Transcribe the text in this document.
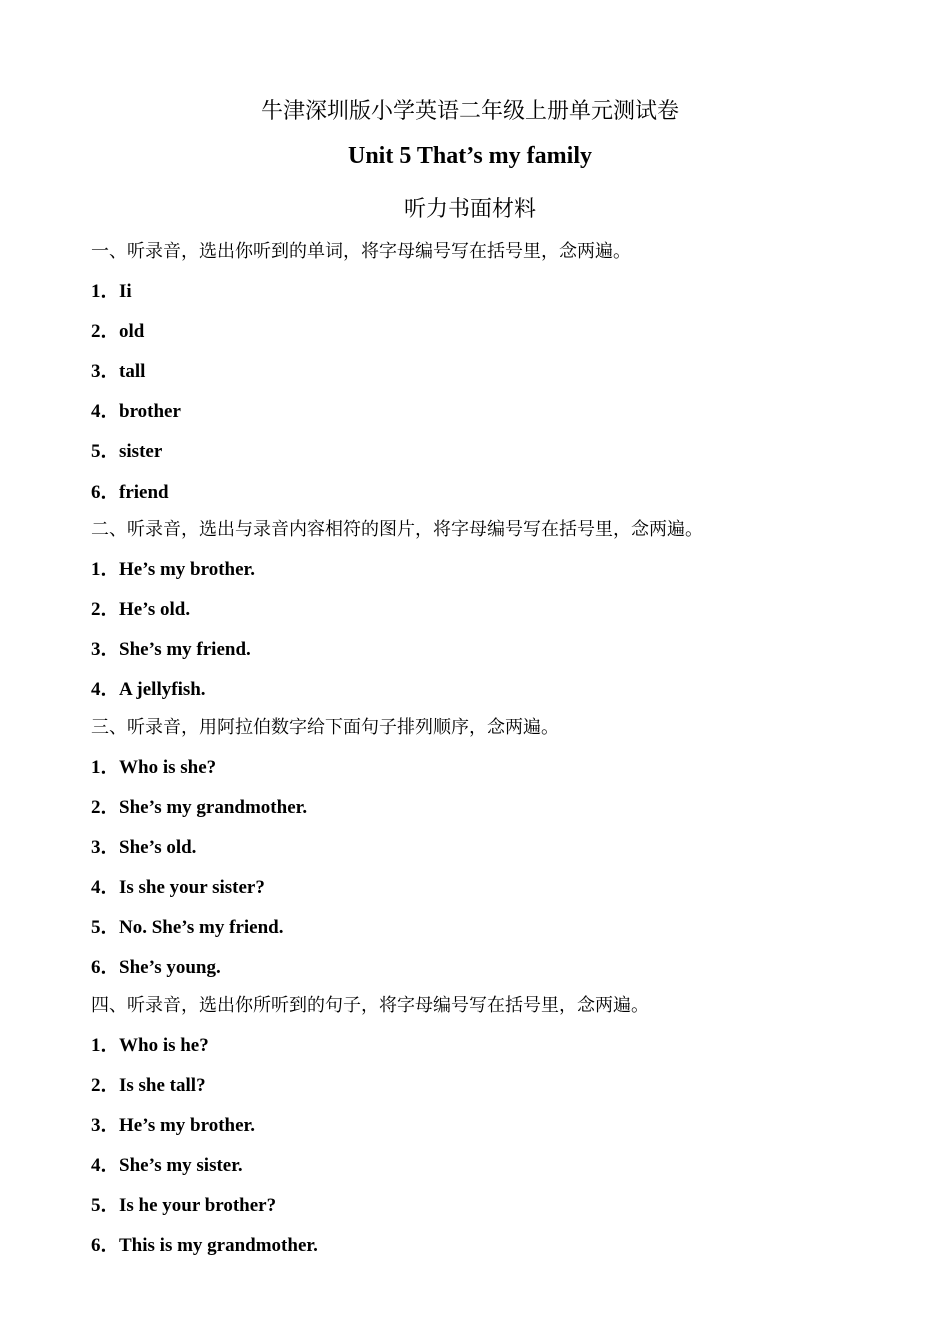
牛津深圳版小学英语二年级上册单元测试卷
Unit 5 That’s my family
听力书面材料
一、听录音，选出你听到的单词，将字母编号写在括号里，念两遍。
1．Ii
2．old
3．tall
4．brother
5．sister
6．friend
二、听录音，选出与录音内容相符的图片，将字母编号写在括号里，念两遍。
1．He’s my brother.
2．He’s old.
3．She’s my friend.
4．A jellyfish.
三、听录音，用阿拉伯数字给下面句子排列顺序，念两遍。
1．Who is she?
2．She’s my grandmother.
3．She’s old.
4．Is she your sister?
5．No. She’s my friend.
6．She’s young.
四、听录音，选出你所听到的句子，将字母编号写在括号里，念两遍。
1．Who is he?
2．Is she tall?
3．He’s my brother.
4．She’s my sister.
5．Is he your brother?
6．This is my grandmother.
